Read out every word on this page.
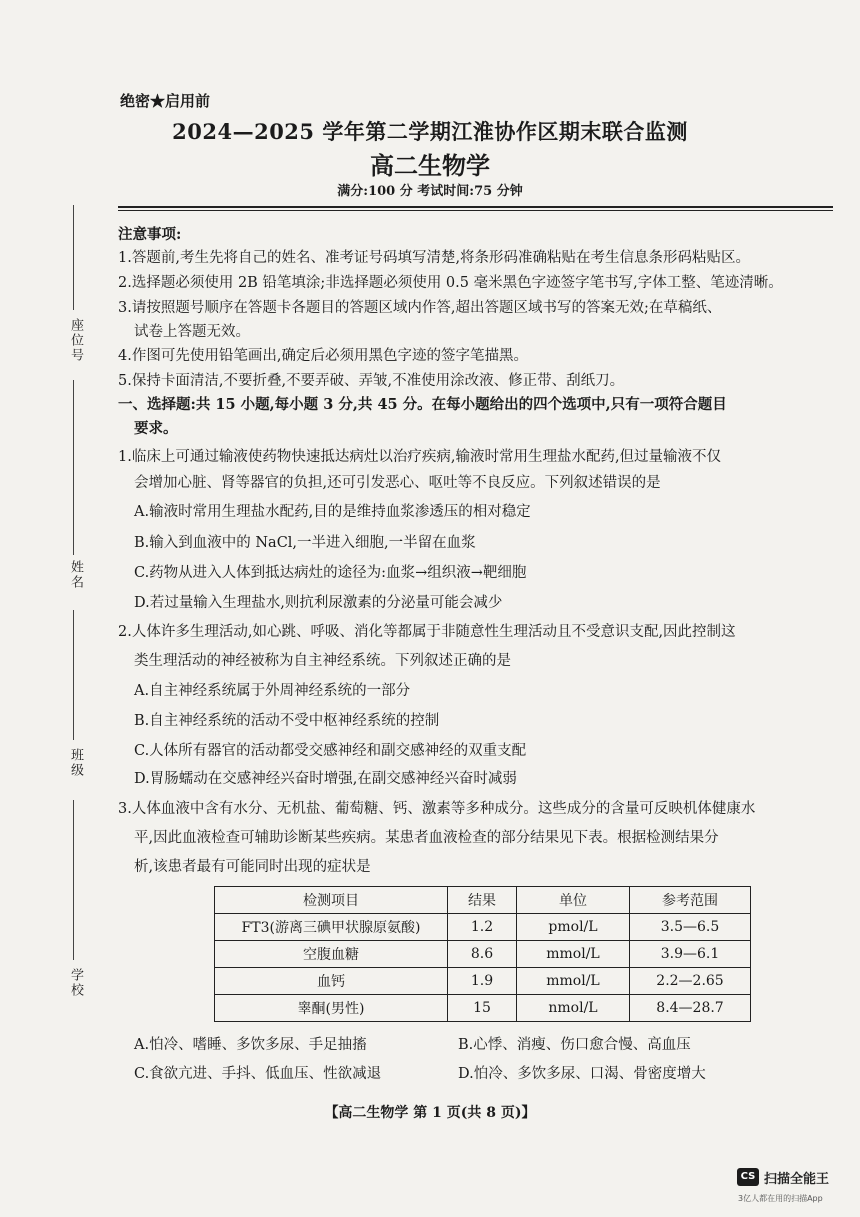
绝密★启用前
2024—2025 学年第二学期江淮协作区期末联合监测
高二生物学
满分:100 分 考试时间:75 分钟
座位号
姓名
班级
学校
注意事项:
1.答题前,考生先将自己的姓名、准考证号码填写清楚,将条形码准确粘贴在考生信息条形码粘贴区。
2.选择题必须使用 2B 铅笔填涂;非选择题必须使用 0.5 毫米黑色字迹签字笔书写,字体工整、笔迹清晰。
3.请按照题号顺序在答题卡各题目的答题区域内作答,超出答题区域书写的答案无效;在草稿纸、
试卷上答题无效。
4.作图可先使用铅笔画出,确定后必须用黑色字迹的签字笔描黑。
5.保持卡面清洁,不要折叠,不要弄破、弄皱,不准使用涂改液、修正带、刮纸刀。
一、选择题:共 15 小题,每小题 3 分,共 45 分。在每小题给出的四个选项中,只有一项符合题目
要求。
1.临床上可通过输液使药物快速抵达病灶以治疗疾病,输液时常用生理盐水配药,但过量输液不仅
会增加心脏、肾等器官的负担,还可引发恶心、呕吐等不良反应。下列叙述错误的是
A.输液时常用生理盐水配药,目的是维持血浆渗透压的相对稳定
B.输入到血液中的 NaCl,一半进入细胞,一半留在血浆
C.药物从进入人体到抵达病灶的途径为:血浆→组织液→靶细胞
D.若过量输入生理盐水,则抗利尿激素的分泌量可能会减少
2.人体许多生理活动,如心跳、呼吸、消化等都属于非随意性生理活动且不受意识支配,因此控制这
类生理活动的神经被称为自主神经系统。下列叙述正确的是
A.自主神经系统属于外周神经系统的一部分
B.自主神经系统的活动不受中枢神经系统的控制
C.人体所有器官的活动都受交感神经和副交感神经的双重支配
D.胃肠蠕动在交感神经兴奋时增强,在副交感神经兴奋时减弱
3.人体血液中含有水分、无机盐、葡萄糖、钙、激素等多种成分。这些成分的含量可反映机体健康水
平,因此血液检查可辅助诊断某些疾病。某患者血液检查的部分结果见下表。根据检测结果分
析,该患者最有可能同时出现的症状是
检测项目	结果	单位	参考范围
FT3(游离三碘甲状腺原氨酸)	1.2	pmol/L	3.5—6.5
空腹血糖	8.6	mmol/L	3.9—6.1
血钙	1.9	mmol/L	2.2—2.65
睾酮(男性)	15	nmol/L	8.4—28.7
A.怕冷、嗜睡、多饮多尿、手足抽搐	B.心悸、消瘦、伤口愈合慢、高血压
C.食欲亢进、手抖、低血压、性欲减退	D.怕冷、多饮多尿、口渴、骨密度增大
【高二生物学 第 1 页(共 8 页)】
CS 扫描全能王
3亿人都在用的扫描App
